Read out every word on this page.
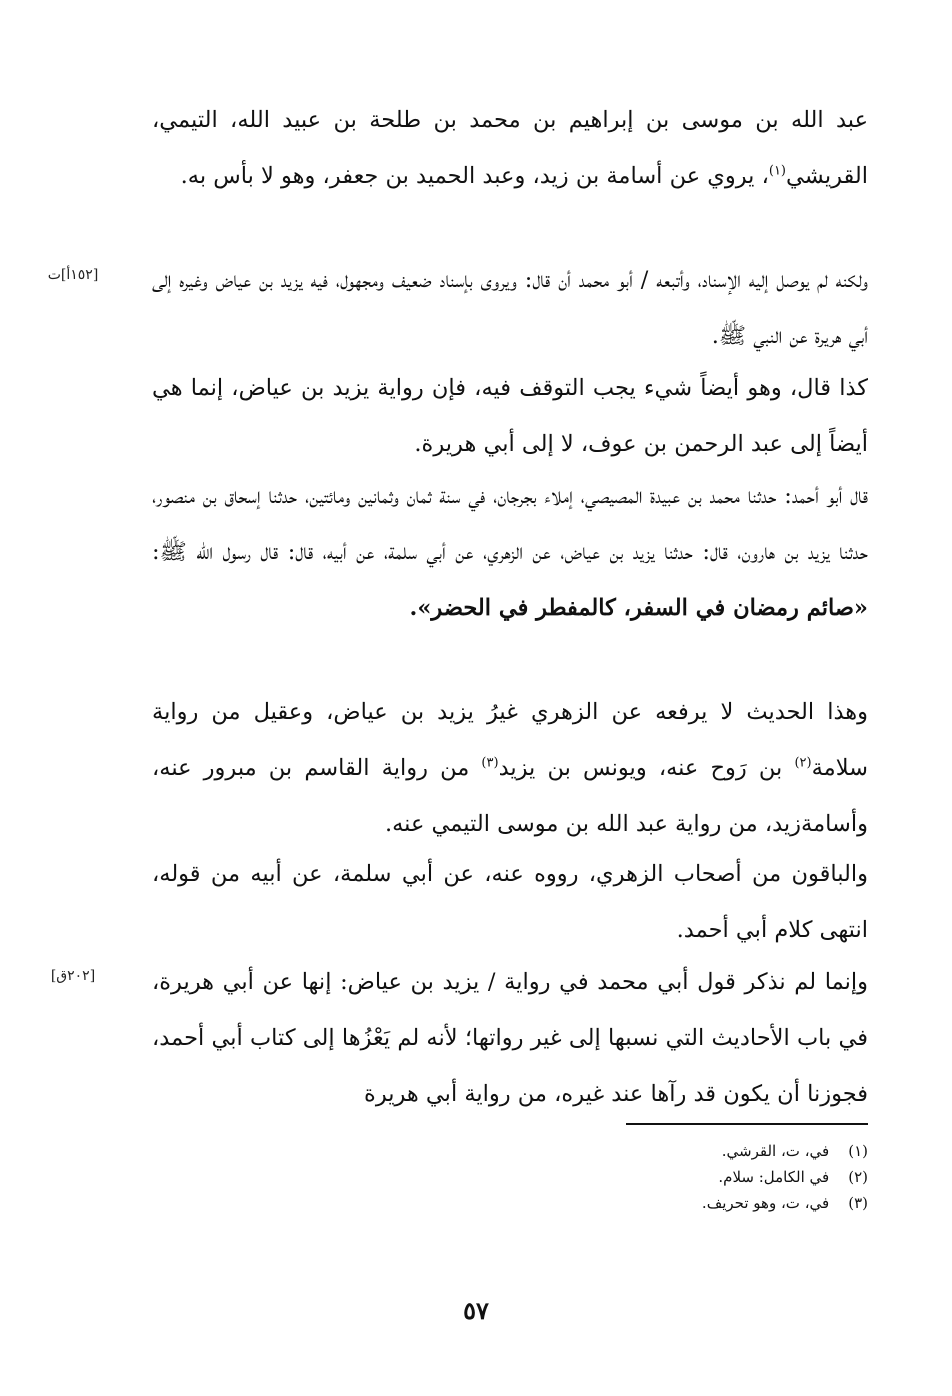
عبد الله بن موسى بن إبراهيم بن محمد بن طلحة بن عبيد الله، التيمي، القريشي$^{(١)}$، يروي عن أسامة بن زيد، وعبد الحميد بن جعفر، وهو لا بأس به.

ولكنه لم يوصل إليه الإسناد، وأتبعه / أبو محمد أن قال: ويروى بإسناد ضعيف ومجهول، فيه يزيد بن عياض وغيره إلى أبي هريرة عن النبي ﷺ.

كذا قال، وهو أيضاً شيء يجب التوقف فيه، فإن رواية يزيد بن عياض، إنما هي أيضاً إلى عبد الرحمن بن عوف، لا إلى أبي هريرة.

قال أبو أحمد: حدثنا محمد بن عبيدة المصيصي، إملاء بجرجان، في سنة ثمان وثمانين ومائتين، حدثنا إسحاق بن منصور، حدثنا يزيد بن هارون، قال: حدثنا يزيد بن عياض، عن الزهري، عن أبي سلمة، عن أبيه، قال: قال رسول الله ﷺ: «صائم رمضان في السفر، كالمفطر في الحضر».

وهذا الحديث لا يرفعه عن الزهري غيرُ يزيد بن عياض، وعقيل من رواية سلامة$^{(٢)}$ بن رَوح عنه، ويونس بن يزيد$^{(٣)}$ من رواية القاسم بن مبرور عنه، وأسامةزيد، من رواية عبد الله بن موسى التيمي عنه.

والباقون من أصحاب الزهري، رووه عنه، عن أبي سلمة، عن أبيه من قوله، انتهى كلام أبي أحمد.

وإنما لم نذكر قول أبي محمد في رواية / يزيد بن عياض: إنها عن أبي هريرة، في باب الأحاديث التي نسبها إلى غير رواتها؛ لأنه لم يَعْزُها إلى كتاب أبي أحمد، فجوزنا أن يكون قد رآها عند غيره، من رواية أبي هريرة

[١٥٢أ]ت
[٢٠٢ق]

(١) في، ت، القرشي.

(٢) في الكامل: سلام.

(٣) في، ت، وهو تحريف.

٥٧
